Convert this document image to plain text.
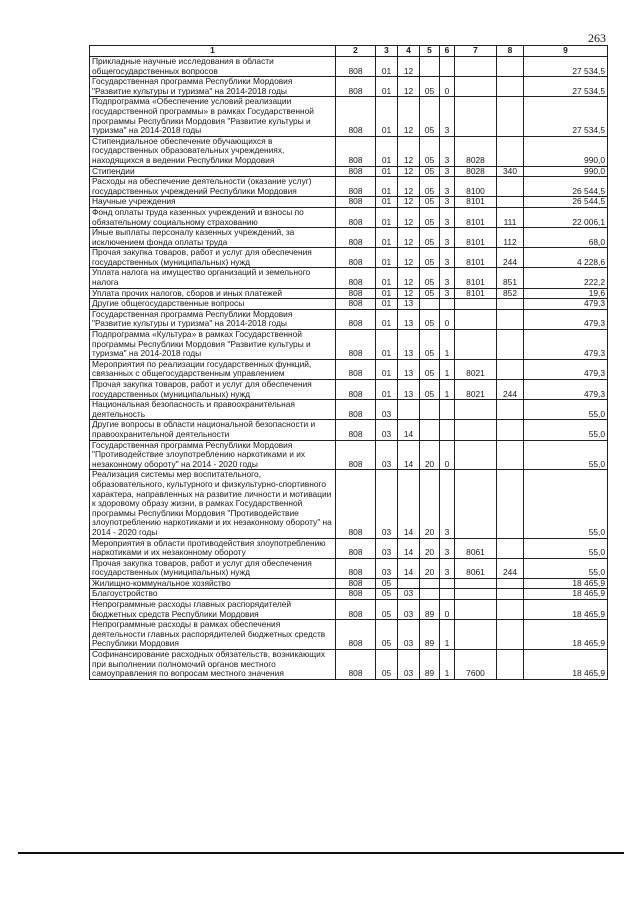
263
1	2	3	4	5	6	7	8	9
Прикладные научные исследования в области общегосударственных вопросов	808	01	12					27 534,5
Государственная программа Республики Мордовия "Развитие культуры и туризма" на 2014-2018 годы	808	01	12	05	0			27 534,5
Подпрограмма «Обеспечение условий реализации государственной программы» в рамках Государственной программы Республики Мордовия "Развитие культуры и туризма" на 2014-2018 годы	808	01	12	05	3			27 534,5
Стипендиальное обеспечение обучающихся в государственных образовательных учреждениях, находящихся в ведении Республики Мордовия	808	01	12	05	3	8028		990,0
Стипендии	808	01	12	05	3	8028	340	990,0
Расходы на обеспечение деятельности (оказание услуг) государственных учреждений Республики Мордовия	808	01	12	05	3	8100		26 544,5
Научные учреждения	808	01	12	05	3	8101		26 544,5
Фонд оплаты труда казенных учреждений и взносы по обязательному социальному страхованию	808	01	12	05	3	8101	111	22 006,1
Иные выплаты персоналу казенных учреждений, за исключением фонда оплаты труда	808	01	12	05	3	8101	112	68,0
Прочая закупка товаров, работ и услуг для обеспечения государственных (муниципальных) нужд	808	01	12	05	3	8101	244	4 228,6
Уплата налога на имущество организаций и земельного налога	808	01	12	05	3	8101	851	222,2
Уплата прочих налогов, сборов и иных платежей	808	01	12	05	3	8101	852	19,6
Другие общегосударственные вопросы	808	01	13					479,3
Государственная программа Республики Мордовия "Развитие культуры и туризма" на 2014-2018 годы	808	01	13	05	0			479,3
Подпрограмма «Культура» в рамках Государственной программы Республики Мордовия "Развитие культуры и туризма" на 2014-2018 годы	808	01	13	05	1			479,3
Мероприятия по реализации государственных функций, связанных с общегосударственным управлением	808	01	13	05	1	8021		479,3
Прочая закупка товаров, работ и услуг для обеспечения государственных (муниципальных) нужд	808	01	13	05	1	8021	244	479,3
Национальная безопасность и правоохранительная деятельность	808	03						55,0
Другие вопросы в области национальной безопасности и правоохранительной деятельности	808	03	14					55,0
Государственная программа Республики Мордовия "Противодействие злоупотреблению наркотиками и их незаконному обороту" на 2014 - 2020 годы	808	03	14	20	0			55,0
Реализация системы мер воспитательного, образовательного, культурного и физкультурно-спортивного характера, направленных на развитие личности и мотивации к здоровому образу жизни, в рамках Государственной программы Республики Мордовия "Противодействие злоупотреблению наркотиками и их незаконному обороту" на 2014 - 2020 годы	808	03	14	20	3			55,0
Мероприятия в области противодействия злоупотреблению наркотиками и их незаконному обороту	808	03	14	20	3	8061		55,0
Прочая закупка товаров, работ и услуг для обеспечения государственных (муниципальных) нужд	808	03	14	20	3	8061	244	55,0
Жилищно-коммунальное хозяйство	808	05						18 465,9
Благоустройство	808	05	03					18 465,9
Непрограммные расходы главных распорядителей бюджетных средств Республики Мордовия	808	05	03	89	0			18 465,9
Непрограммные расходы в рамках обеспечения деятельности главных распорядителей бюджетных средств Республики Мордовия	808	05	03	89	1			18 465,9
Софинансирование расходных обязательств, возникающих при выполнении полномочий органов местного самоуправления по вопросам местного значения	808	05	03	89	1	7600		18 465,9
